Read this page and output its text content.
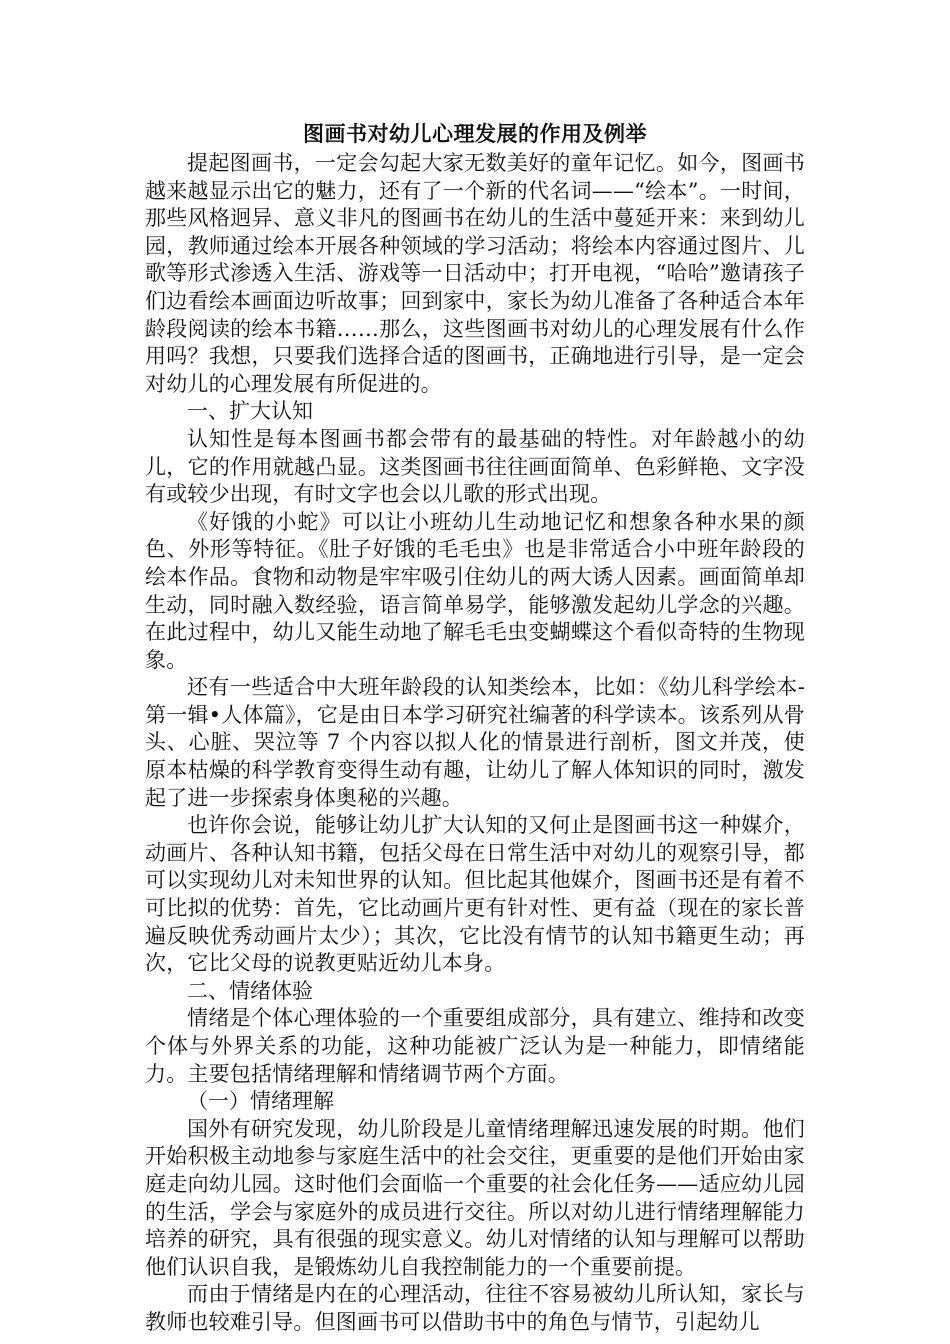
图画书对幼儿心理发展的作用及例举

提起图画书，一定会勾起大家无数美好的童年记忆。如今，图画书越来越显示出它的魅力，还有了一个新的代名词——“绘本”。一时间，那些风格迥异、意义非凡的图画书在幼儿的生活中蔓延开来：来到幼儿园，教师通过绘本开展各种领域的学习活动；将绘本内容通过图片、儿歌等形式渗透入生活、游戏等一日活动中；打开电视，“哈哈”邀请孩子们边看绘本画面边听故事；回到家中，家长为幼儿准备了各种适合本年龄段阅读的绘本书籍……那么，这些图画书对幼儿的心理发展有什么作用吗？我想，只要我们选择合适的图画书，正确地进行引导，是一定会对幼儿的心理发展有所促进的。

一、扩大认知

认知性是每本图画书都会带有的最基础的特性。对年龄越小的幼儿，它的作用就越凸显。这类图画书往往画面简单、色彩鲜艳、文字没有或较少出现，有时文字也会以儿歌的形式出现。

《好饿的小蛇》可以让小班幼儿生动地记忆和想象各种水果的颜色、外形等特征。《肚子好饿的毛毛虫》也是非常适合小中班年龄段的绘本作品。食物和动物是牢牢吸引住幼儿的两大诱人因素。画面简单却生动，同时融入数经验，语言简单易学，能够激发起幼儿学念的兴趣。在此过程中，幼儿又能生动地了解毛毛虫变蝴蝶这个看似奇特的生物现象。

还有一些适合中大班年龄段的认知类绘本，比如：《幼儿科学绘本-第一辑•人体篇》，它是由日本学习研究社编著的科学读本。该系列从骨头、心脏、哭泣等 7 个内容以拟人化的情景进行剖析，图文并茂，使原本枯燥的科学教育变得生动有趣，让幼儿了解人体知识的同时，激发起了进一步探索身体奥秘的兴趣。

也许你会说，能够让幼儿扩大认知的又何止是图画书这一种媒介，动画片、各种认知书籍，包括父母在日常生活中对幼儿的观察引导，都可以实现幼儿对未知世界的认知。但比起其他媒介，图画书还是有着不可比拟的优势：首先，它比动画片更有针对性、更有益（现在的家长普遍反映优秀动画片太少）；其次，它比没有情节的认知书籍更生动；再次，它比父母的说教更贴近幼儿本身。

二、情绪体验

情绪是个体心理体验的一个重要组成部分，具有建立、维持和改变个体与外界关系的功能，这种功能被广泛认为是一种能力，即情绪能力。主要包括情绪理解和情绪调节两个方面。

（一）情绪理解

国外有研究发现，幼儿阶段是儿童情绪理解迅速发展的时期。他们开始积极主动地参与家庭生活中的社会交往，更重要的是他们开始由家庭走向幼儿园。这时他们会面临一个重要的社会化任务——适应幼儿园的生活，学会与家庭外的成员进行交往。所以对幼儿进行情绪理解能力培养的研究，具有很强的现实意义。幼儿对情绪的认知与理解可以帮助他们认识自我，是锻炼幼儿自我控制能力的一个重要前提。

而由于情绪是内在的心理活动，往往不容易被幼儿所认知，家长与教师也较难引导。但图画书可以借助书中的角色与情节，引起幼儿
